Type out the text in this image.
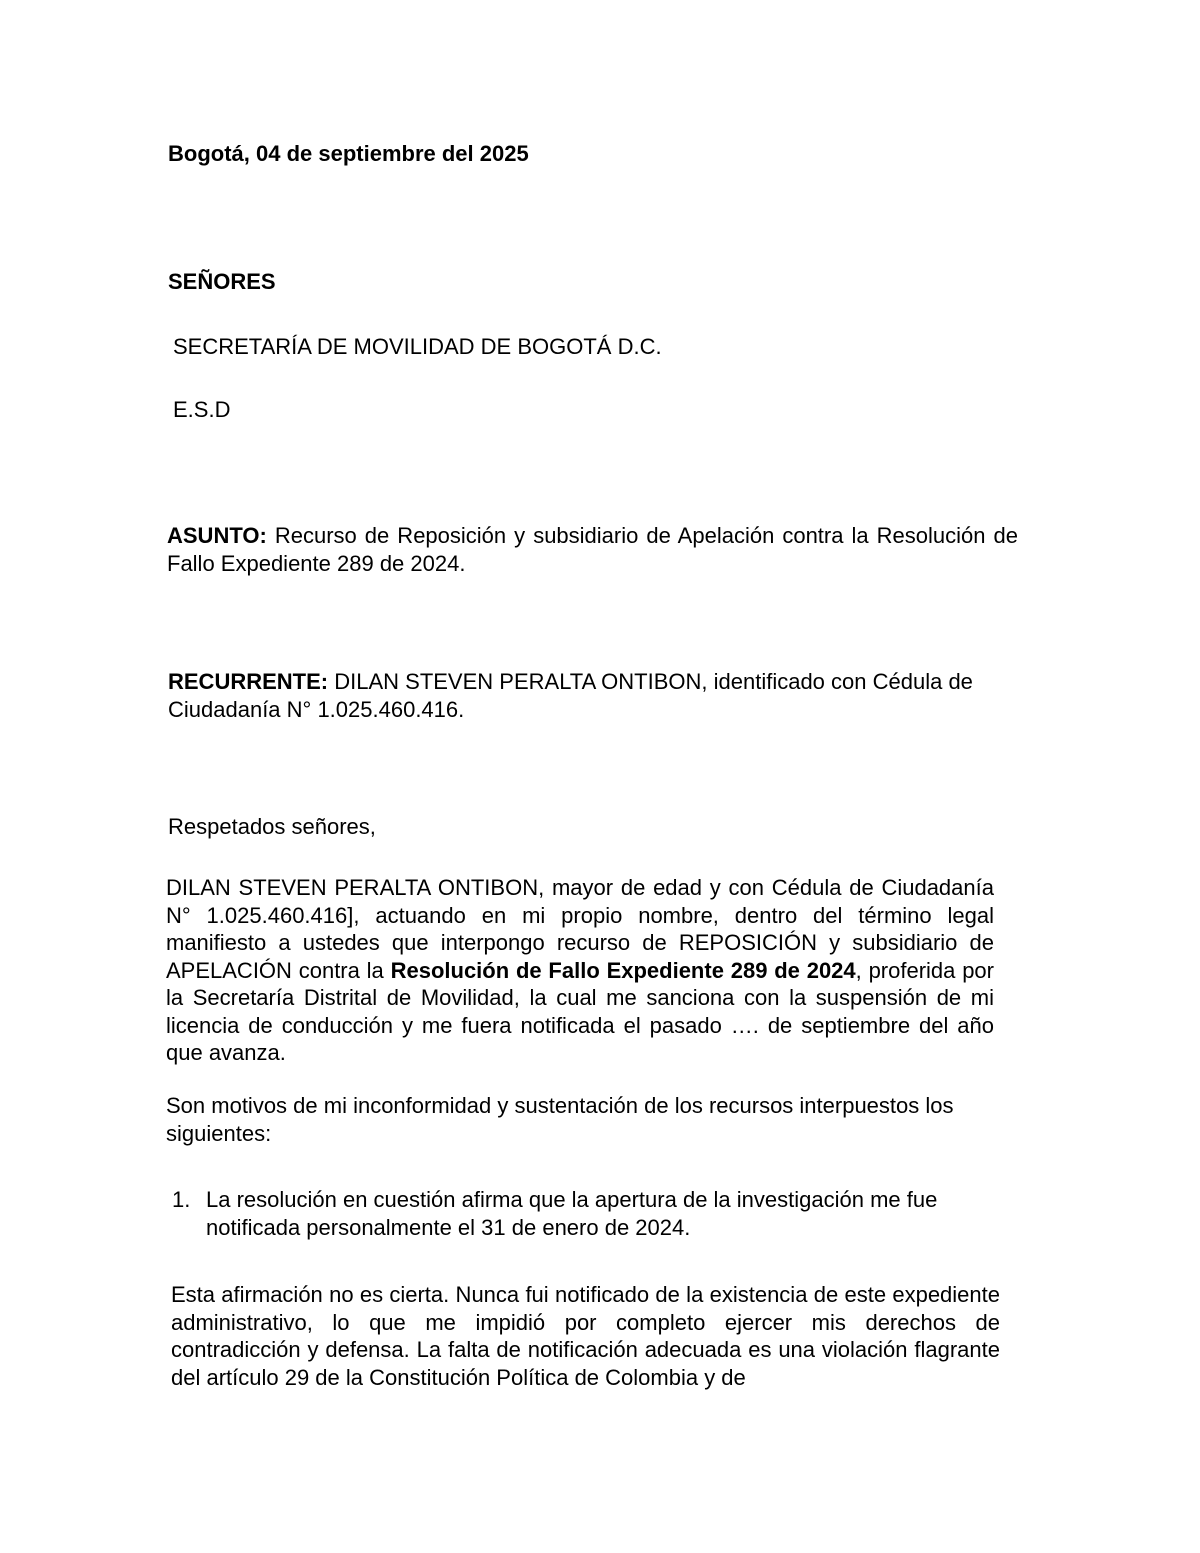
Bogotá, 04 de septiembre del 2025

SEÑORES

SECRETARÍA DE MOVILIDAD DE BOGOTÁ D.C.

E.S.D

ASUNTO: Recurso de Reposición y subsidiario de Apelación contra la Resolución de Fallo Expediente 289 de 2024.

RECURRENTE: DILAN STEVEN PERALTA ONTIBON, identificado con Cédula de Ciudadanía N° 1.025.460.416.

Respetados señores,

DILAN STEVEN PERALTA ONTIBON, mayor de edad y con Cédula de Ciudadanía N° 1.025.460.416], actuando en mi propio nombre, dentro del término legal manifiesto a ustedes que interpongo recurso de REPOSICIÓN y subsidiario de APELACIÓN contra la Resolución de Fallo Expediente 289 de 2024, proferida por la Secretaría Distrital de Movilidad, la cual me sanciona con la suspensión de mi licencia de conducción y me fuera notificada el pasado …. de septiembre del año que avanza.

Son motivos de mi inconformidad y sustentación de los recursos interpuestos los siguientes:

1. La resolución en cuestión afirma que la apertura de la investigación me fue notificada personalmente el 31 de enero de 2024.

Esta afirmación no es cierta. Nunca fui notificado de la existencia de este expediente administrativo, lo que me impidió por completo ejercer mis derechos de contradicción y defensa. La falta de notificación adecuada es una violación flagrante del artículo 29 de la Constitución Política de Colombia y de
